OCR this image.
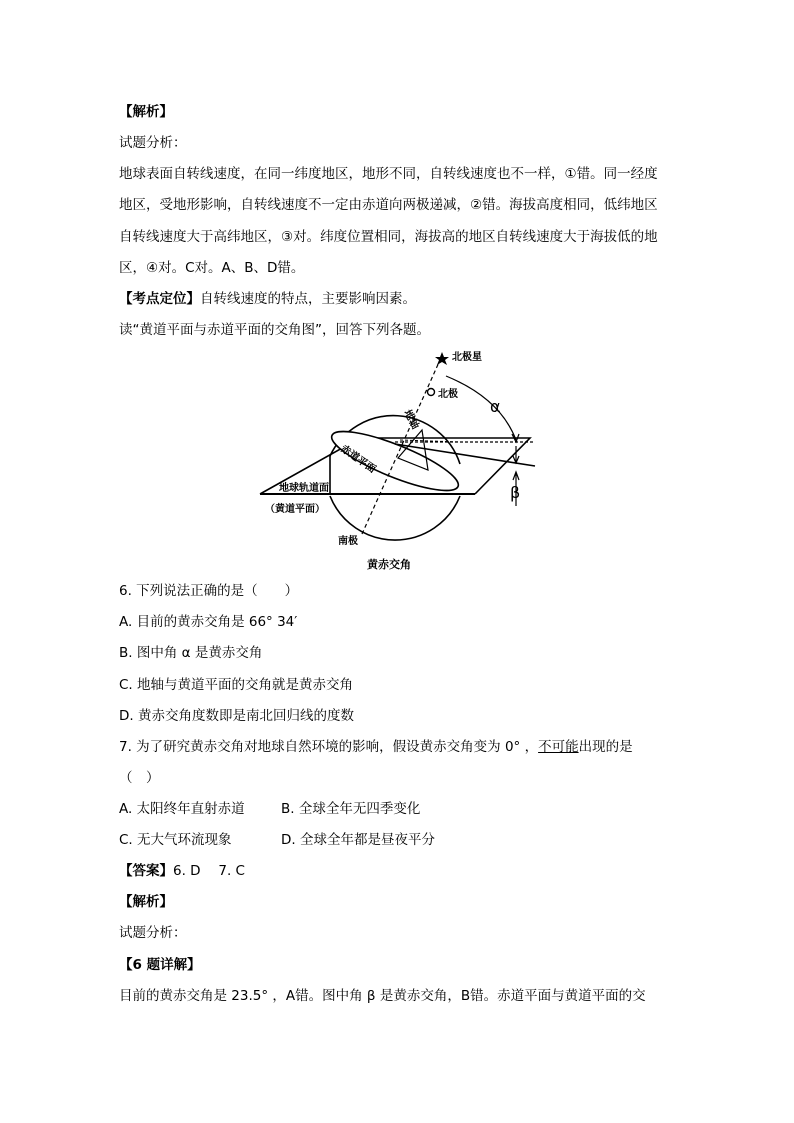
【解析】
试题分析：
地球表面自转线速度，在同一纬度地区，地形不同，自转线速度也不一样，①错。同一经度
地区，受地形影响，自转线速度不一定由赤道向两极递减，②错。海拔高度相同，低纬地区
自转线速度大于高纬地区，③对。纬度位置相同，海拔高的地区自转线速度大于海拔低的地
区，④对。C对。A、B、D错。
【考点定位】自转线速度的特点，主要影响因素。
读“黄道平面与赤道平面的交角图”，回答下列各题。
北极星
北极
α
地轴
赤道平面
β
地球轨道面
（黄道平面）
南极
黄赤交角
6. 下列说法正确的是（　　）
A. 目前的黄赤交角是 66° 34′
B. 图中角 α 是黄赤交角
C. 地轴与黄道平面的交角就是黄赤交角
D. 黄赤交角度数即是南北回归线的度数
7. 为了研究黄赤交角对地球自然环境的影响，假设黄赤交角变为 0° ，不可能出现的是
（　）
A. 太阳终年直射赤道	B. 全球全年无四季变化
C. 无大气环流现象	D. 全球全年都是昼夜平分
【答案】6. D　 7. C
【解析】
试题分析：
【6 题详解】
目前的黄赤交角是 23.5° ，A错。图中角 β 是黄赤交角，B错。赤道平面与黄道平面的交
